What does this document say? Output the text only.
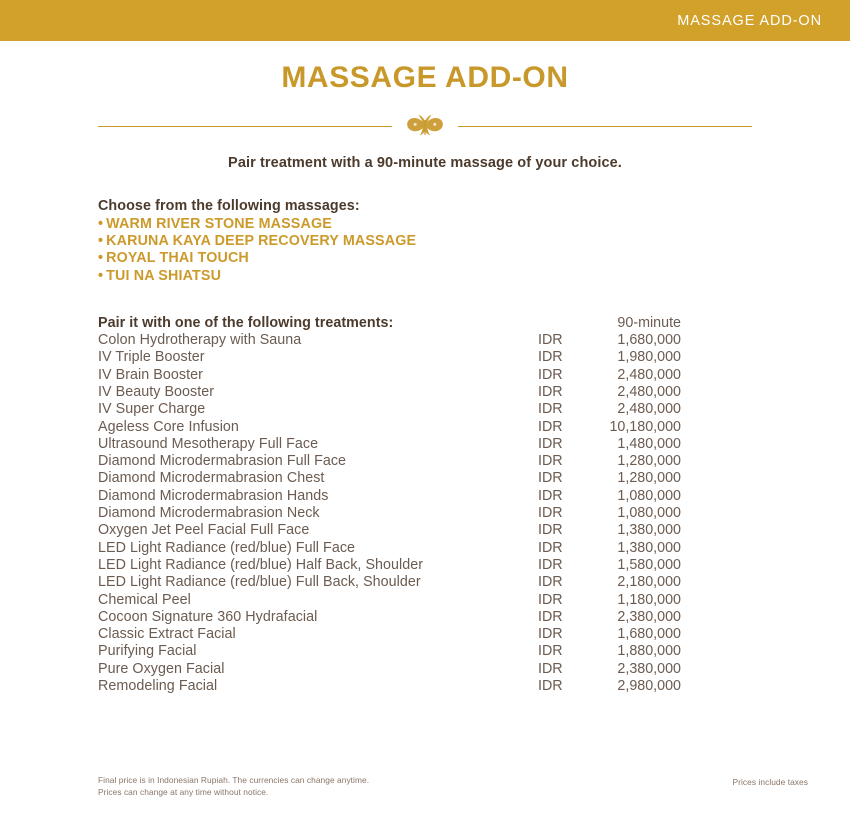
MASSAGE ADD-ON
MASSAGE ADD-ON
Pair treatment with a 90-minute massage of your choice.
Choose from the following massages:
• WARM RIVER STONE MASSAGE
• KARUNA KAYA DEEP RECOVERY MASSAGE
• ROYAL THAI TOUCH
• TUI NA SHIATSU
Pair it with one of the following treatments:	90-minute
Colon Hydrotherapy with Sauna	IDR	1,680,000
IV Triple Booster	IDR	1,980,000
IV Brain Booster	IDR	2,480,000
IV Beauty Booster	IDR	2,480,000
IV Super Charge	IDR	2,480,000
Ageless Core Infusion	IDR	10,180,000
Ultrasound Mesotherapy Full Face	IDR	1,480,000
Diamond Microdermabrasion Full Face	IDR	1,280,000
Diamond Microdermabrasion Chest	IDR	1,280,000
Diamond Microdermabrasion Hands	IDR	1,080,000
Diamond Microdermabrasion Neck	IDR	1,080,000
Oxygen Jet Peel Facial Full Face	IDR	1,380,000
LED Light Radiance (red/blue) Full Face	IDR	1,380,000
LED Light Radiance (red/blue) Half Back, Shoulder	IDR	1,580,000
LED Light Radiance (red/blue) Full Back, Shoulder	IDR	2,180,000
Chemical Peel	IDR	1,180,000
Cocoon Signature 360 Hydrafacial	IDR	2,380,000
Classic Extract Facial	IDR	1,680,000
Purifying Facial	IDR	1,880,000
Pure Oxygen Facial	IDR	2,380,000
Remodeling Facial	IDR	2,980,000
Final price is in Indonesian Rupiah. The currencies can change anytime.
Prices can change at any time without notice.
Prices include taxes
